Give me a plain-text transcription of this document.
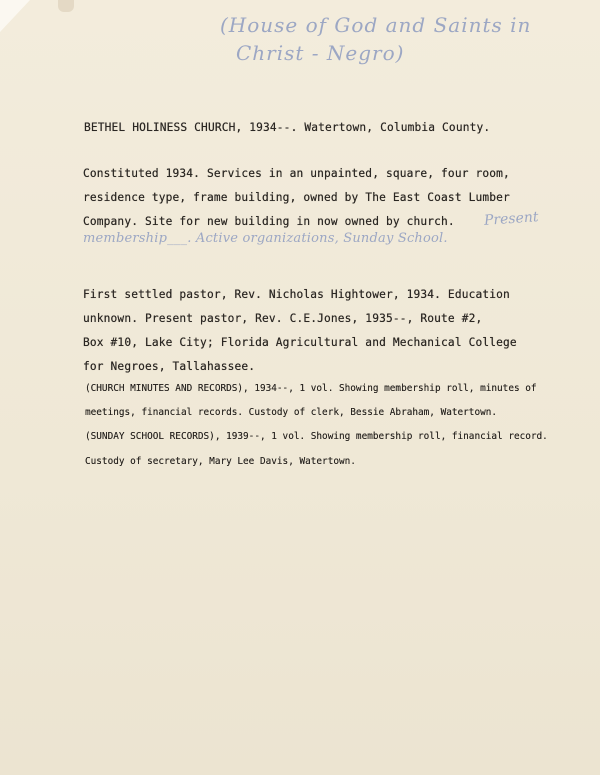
(House of God and Saints in
Christ - Negro)
BETHEL HOLINESS CHURCH, 1934--. Watertown, Columbia County.
Constituted 1934. Services in an unpainted, square, four room,
residence type, frame building, owned by The East Coast Lumber
Company. Site for new building in now owned by church. Present
membership___. Active organizations, Sunday School.
First settled pastor, Rev. Nicholas Hightower, 1934. Education
unknown. Present pastor, Rev. C.E.Jones, 1935--, Route #2,
Box #10, Lake City; Florida Agricultural and Mechanical College
for Negroes, Tallahassee.
(CHURCH MINUTES AND RECORDS), 1934--, 1 vol. Showing membership roll, minutes of
meetings, financial records. Custody of clerk, Bessie Abraham, Watertown.
(SUNDAY SCHOOL RECORDS), 1939--, 1 vol. Showing membership roll, financial record.
Custody of secretary, Mary Lee Davis, Watertown.
